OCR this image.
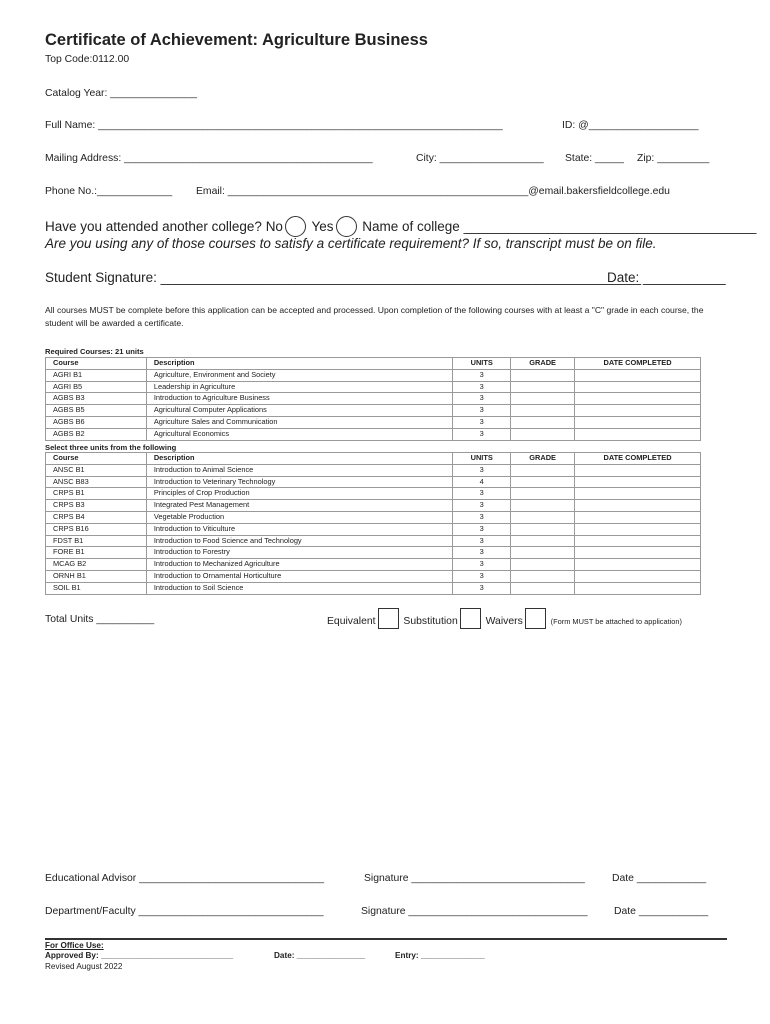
Certificate of Achievement: Agriculture Business
Top Code:0112.00
Catalog Year: _______________
Full Name: ______________________________________________________________________	ID: @___________________
Mailing Address: ___________________________________________	City: __________________ State: _____ Zip: _________
Phone No.:_____________ Email: ____________________________________________________@email.bakersfieldcollege.edu
Have you attended another college? No Yes Name of college _______________________________________
Are you using any of those courses to satisfy a certificate requirement? If so, transcript must be on file.
Student Signature: ________________________________________________________________
Date: ___________
All courses MUST be complete before this application can be accepted and processed. Upon completion of the following courses with at least a "C" grade in each course, the student will be awarded a certificate.
Required Courses: 21 units
Course	Description	UNITS	GRADE	DATE COMPLETED
AGRI B1	Agriculture, Environment and Society	3		
AGRI B5	Leadership in Agriculture	3		
AGBS B3	Introduction to Agriculture Business	3		
AGBS B5	Agricultural Computer Applications	3		
AGBS B6	Agriculture Sales and Communication	3		
AGBS B2	Agricultural Economics	3		
Select three units from the following
Course	Description	UNITS	GRADE	DATE COMPLETED
ANSC B1	Introduction to Animal Science	3		
ANSC B83	Introduction to Veterinary Technology	4		
CRPS B1	Principles of Crop Production	3		
CRPS B3	Integrated Pest Management	3		
CRPS B4	Vegetable Production	3		
CRPS B16	Introduction to Viticulture	3		
FDST B1	Introduction to Food Science and Technology	3		
FORE B1	Introduction to Forestry	3		
MCAG B2	Introduction to Mechanized Agriculture	3		
ORNH B1	Introduction to Ornamental Horticulture	3		
SOIL B1	Introduction to Soil Science	3		
Total Units __________	Equivalent	Substitution	Waivers	(Form MUST be attached to application)
Educational Advisor ________________________________	Signature ______________________________	Date ____________
Department/Faculty ________________________________	Signature _______________________________	Date ____________
For Office Use:
Approved By: _____________________________	Date: _______________	Entry: ______________
Revised August 2022
